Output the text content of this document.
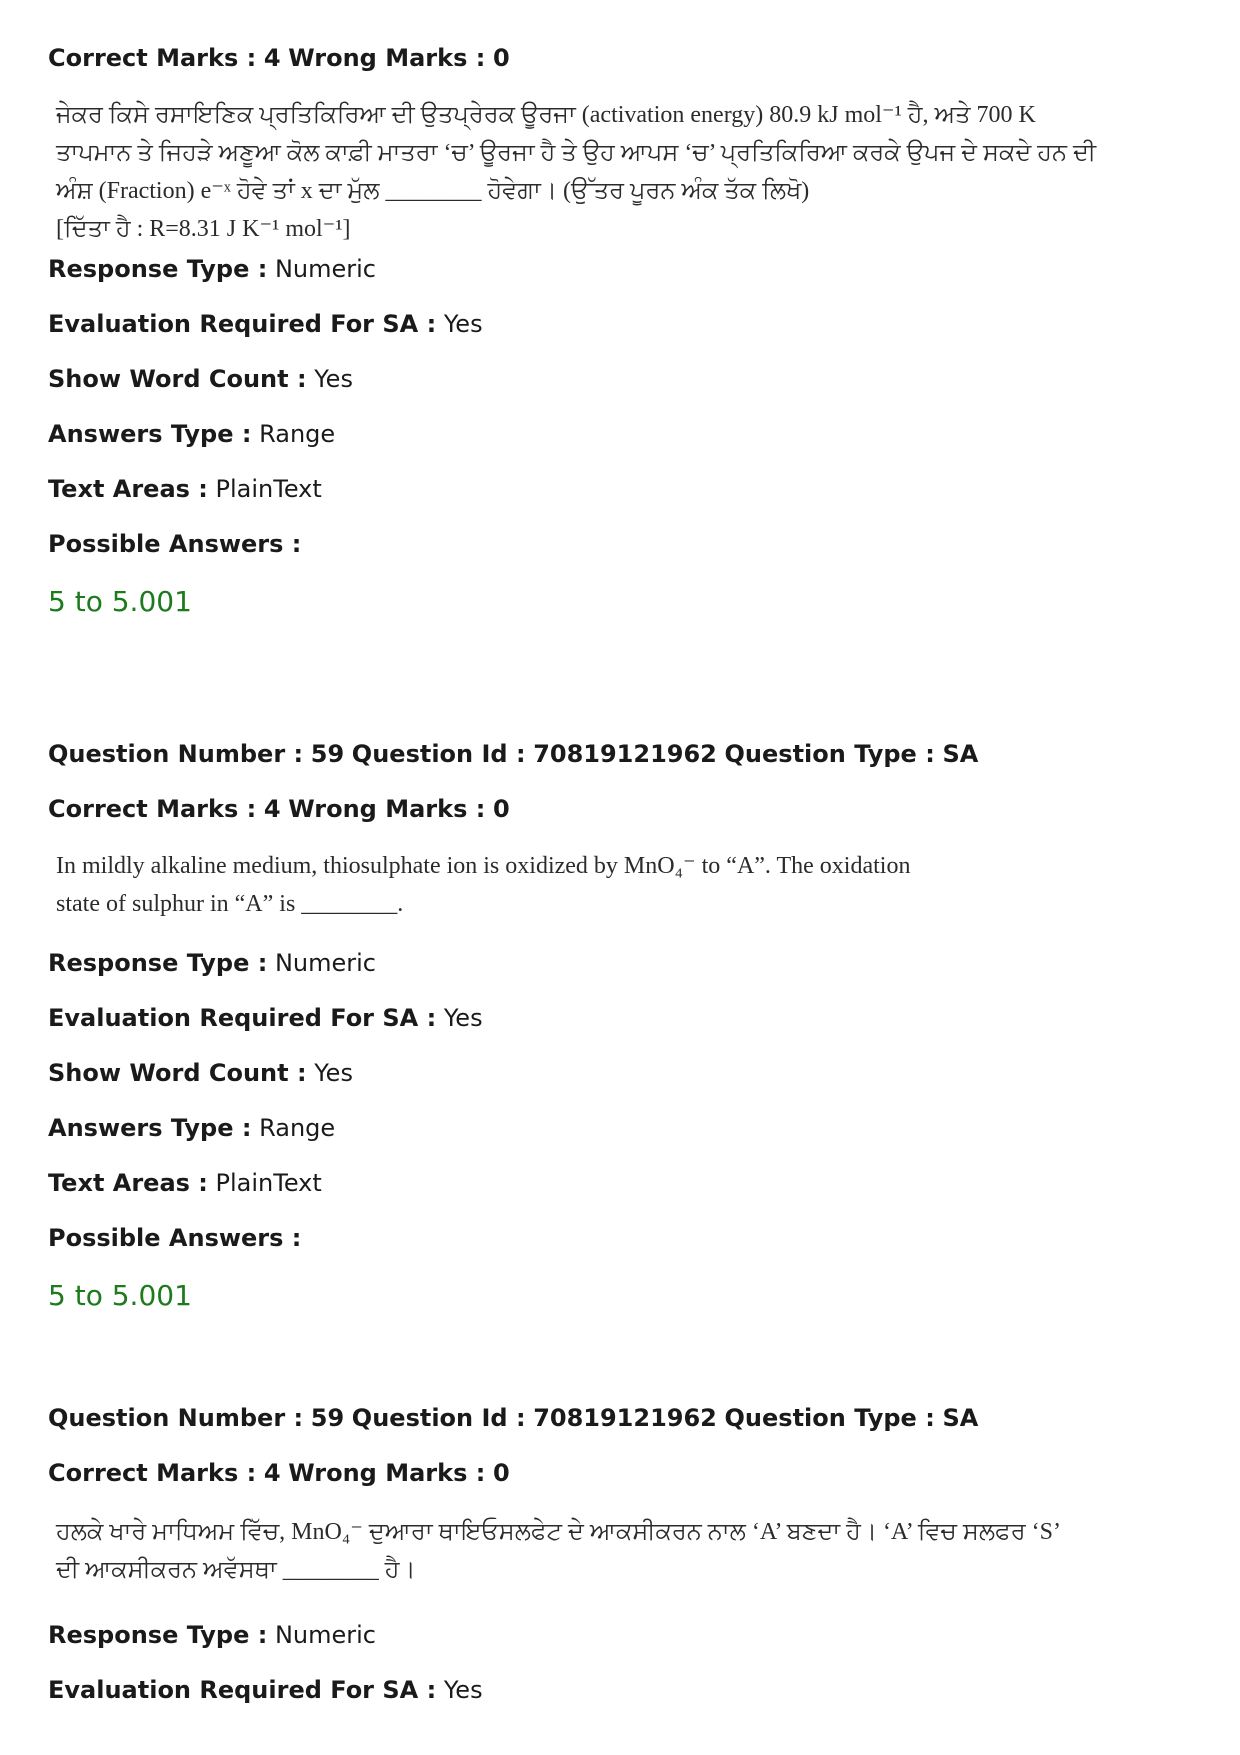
Correct Marks : 4 Wrong Marks : 0
ਜੇਕਰ ਕਿਸੇ ਰਸਾਇਣਿਕ ਪ੍ਰਤਿਕਿਰਿਆ ਦੀ ਉਤਪ੍ਰੇਰਕ ਊਰਜਾ (activation energy) 80.9 kJ mol⁻¹ ਹੈ, ਅਤੇ 700 K
ਤਾਪਮਾਨ ਤੇ ਜਿਹੜੇ ਅਣੂਆ ਕੋਲ ਕਾਫ਼ੀ ਮਾਤਰਾ ‘ਚ’ ਊਰਜਾ ਹੈ ਤੇ ਉਹ ਆਪਸ ‘ਚ’ ਪ੍ਰਤਿਕਿਰਿਆ ਕਰਕੇ ਉਪਜ ਦੇ ਸਕਦੇ ਹਨ ਦੀ
ਅੰਸ਼ (Fraction) e⁻ˣ ਹੋਵੇ ਤਾਂ x ਦਾ ਮੁੱਲ ________ ਹੋਵੇਗਾ। (ਉੱਤਰ ਪੂਰਨ ਅੰਕ ਤੱਕ ਲਿਖੋ)
[ਦਿੱਤਾ ਹੈ : R=8.31 J K⁻¹ mol⁻¹]
Response Type : Numeric
Evaluation Required For SA : Yes
Show Word Count : Yes
Answers Type : Range
Text Areas : PlainText
Possible Answers :
5 to 5.001
Question Number : 59 Question Id : 70819121962 Question Type : SA
Correct Marks : 4 Wrong Marks : 0
In mildly alkaline medium, thiosulphate ion is oxidized by MnO₄⁻ to “A”. The oxidation
state of sulphur in “A” is ________.
Response Type : Numeric
Evaluation Required For SA : Yes
Show Word Count : Yes
Answers Type : Range
Text Areas : PlainText
Possible Answers :
5 to 5.001
Question Number : 59 Question Id : 70819121962 Question Type : SA
Correct Marks : 4 Wrong Marks : 0
ਹਲਕੇ ਖਾਰੇ ਮਾਧਿਅਮ ਵਿੱਚ, MnO₄⁻ ਦੁਆਰਾ ਥਾਇਓਸਲਫੇਟ ਦੇ ਆਕਸੀਕਰਨ ਨਾਲ ‘A’ ਬਣਦਾ ਹੈ। ‘A’ ਵਿਚ ਸਲਫਰ ‘S’
ਦੀ ਆਕਸੀਕਰਨ ਅਵੱਸਥਾ ________ ਹੈ।
Response Type : Numeric
Evaluation Required For SA : Yes
